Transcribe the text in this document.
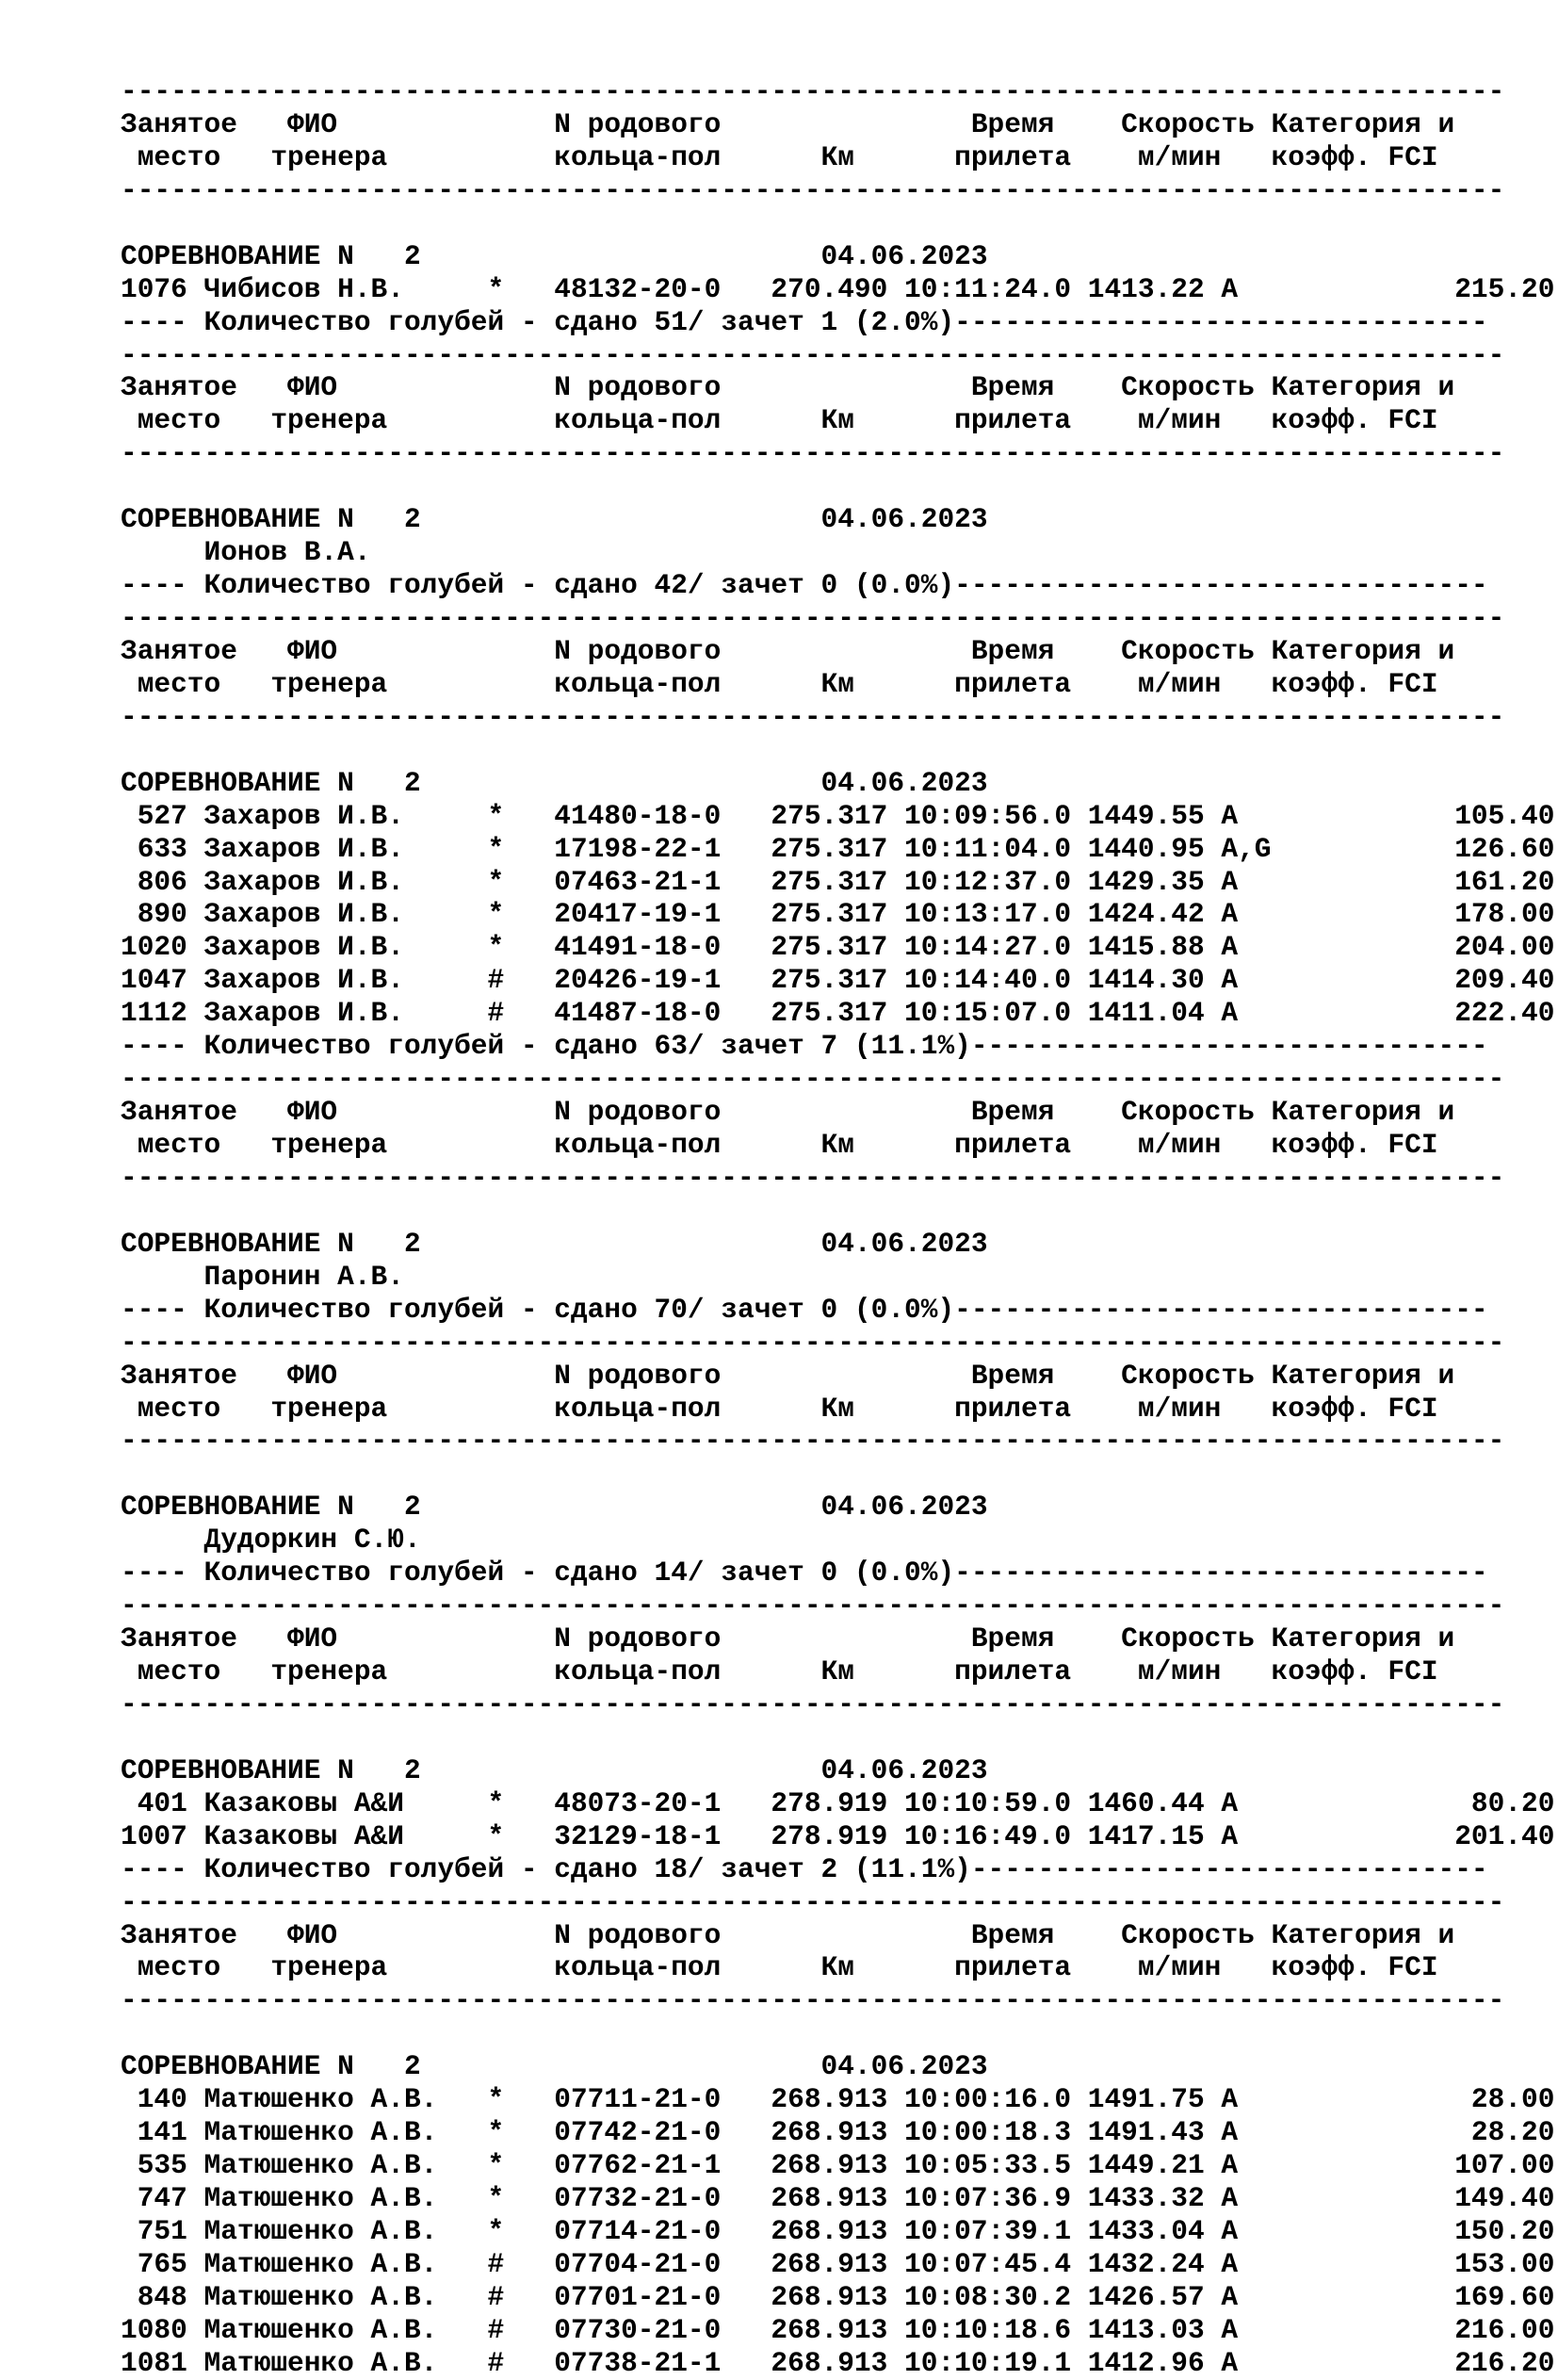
-----------------------------------------------------------------------------------
Занятое   ФИО             N родового               Время    Скорость Категория и
место   тренера          кольца-пол      Км      прилета    м/мин   коэфф. FCI
-----------------------------------------------------------------------------------
СОРЕВНОВАНИЕ N   2                        04.06.2023
1076 Чибисов Н.В.     *   48132-20-0   270.490 10:11:24.0 1413.22 А             215.20
---- Количество голубей - сдано 51/ зачет 1 (2.0%)--------------------------------
-----------------------------------------------------------------------------------
Занятое   ФИО             N родового               Время    Скорость Категория и
место   тренера          кольца-пол      Км      прилета    м/мин   коэфф. FCI
-----------------------------------------------------------------------------------
СОРЕВНОВАНИЕ N   2                        04.06.2023
Ионов В.А.
---- Количество голубей - сдано 42/ зачет 0 (0.0%)--------------------------------
-----------------------------------------------------------------------------------
Занятое   ФИО             N родового               Время    Скорость Категория и
место   тренера          кольца-пол      Км      прилета    м/мин   коэфф. FCI
-----------------------------------------------------------------------------------
СОРЕВНОВАНИЕ N   2                        04.06.2023
527 Захаров И.В.     *   41480-18-0   275.317 10:09:56.0 1449.55 А             105.40
633 Захаров И.В.     *   17198-22-1   275.317 10:11:04.0 1440.95 А,G           126.60
806 Захаров И.В.     *   07463-21-1   275.317 10:12:37.0 1429.35 А             161.20
890 Захаров И.В.     *   20417-19-1   275.317 10:13:17.0 1424.42 А             178.00
1020 Захаров И.В.     *   41491-18-0   275.317 10:14:27.0 1415.88 А             204.00
1047 Захаров И.В.     #   20426-19-1   275.317 10:14:40.0 1414.30 А             209.40
1112 Захаров И.В.     #   41487-18-0   275.317 10:15:07.0 1411.04 А             222.40
---- Количество голубей - сдано 63/ зачет 7 (11.1%)-------------------------------
-----------------------------------------------------------------------------------
Занятое   ФИО             N родового               Время    Скорость Категория и
место   тренера          кольца-пол      Км      прилета    м/мин   коэфф. FCI
-----------------------------------------------------------------------------------
СОРЕВНОВАНИЕ N   2                        04.06.2023
Паронин А.В.
---- Количество голубей - сдано 70/ зачет 0 (0.0%)--------------------------------
-----------------------------------------------------------------------------------
Занятое   ФИО             N родового               Время    Скорость Категория и
место   тренера          кольца-пол      Км      прилета    м/мин   коэфф. FCI
-----------------------------------------------------------------------------------
СОРЕВНОВАНИЕ N   2                        04.06.2023
Дудоркин С.Ю.
---- Количество голубей - сдано 14/ зачет 0 (0.0%)--------------------------------
-----------------------------------------------------------------------------------
Занятое   ФИО             N родового               Время    Скорость Категория и
место   тренера          кольца-пол      Км      прилета    м/мин   коэфф. FCI
-----------------------------------------------------------------------------------
СОРЕВНОВАНИЕ N   2                        04.06.2023
401 Казаковы А&И     *   48073-20-1   278.919 10:10:59.0 1460.44 А              80.20
1007 Казаковы А&И     *   32129-18-1   278.919 10:16:49.0 1417.15 А             201.40
---- Количество голубей - сдано 18/ зачет 2 (11.1%)-------------------------------
-----------------------------------------------------------------------------------
Занятое   ФИО             N родового               Время    Скорость Категория и
место   тренера          кольца-пол      Км      прилета    м/мин   коэфф. FCI
-----------------------------------------------------------------------------------
СОРЕВНОВАНИЕ N   2                        04.06.2023
140 Матюшенко А.В.   *   07711-21-0   268.913 10:00:16.0 1491.75 А              28.00
141 Матюшенко А.В.   *   07742-21-0   268.913 10:00:18.3 1491.43 А              28.20
535 Матюшенко А.В.   *   07762-21-1   268.913 10:05:33.5 1449.21 А             107.00
747 Матюшенко А.В.   *   07732-21-0   268.913 10:07:36.9 1433.32 А             149.40
751 Матюшенко А.В.   *   07714-21-0   268.913 10:07:39.1 1433.04 А             150.20
765 Матюшенко А.В.   #   07704-21-0   268.913 10:07:45.4 1432.24 А             153.00
848 Матюшенко А.В.   #   07701-21-0   268.913 10:08:30.2 1426.57 А             169.60
1080 Матюшенко А.В.   #   07730-21-0   268.913 10:10:18.6 1413.03 А             216.00
1081 Матюшенко А.В.   #   07738-21-1   268.913 10:10:19.1 1412.96 А             216.20
